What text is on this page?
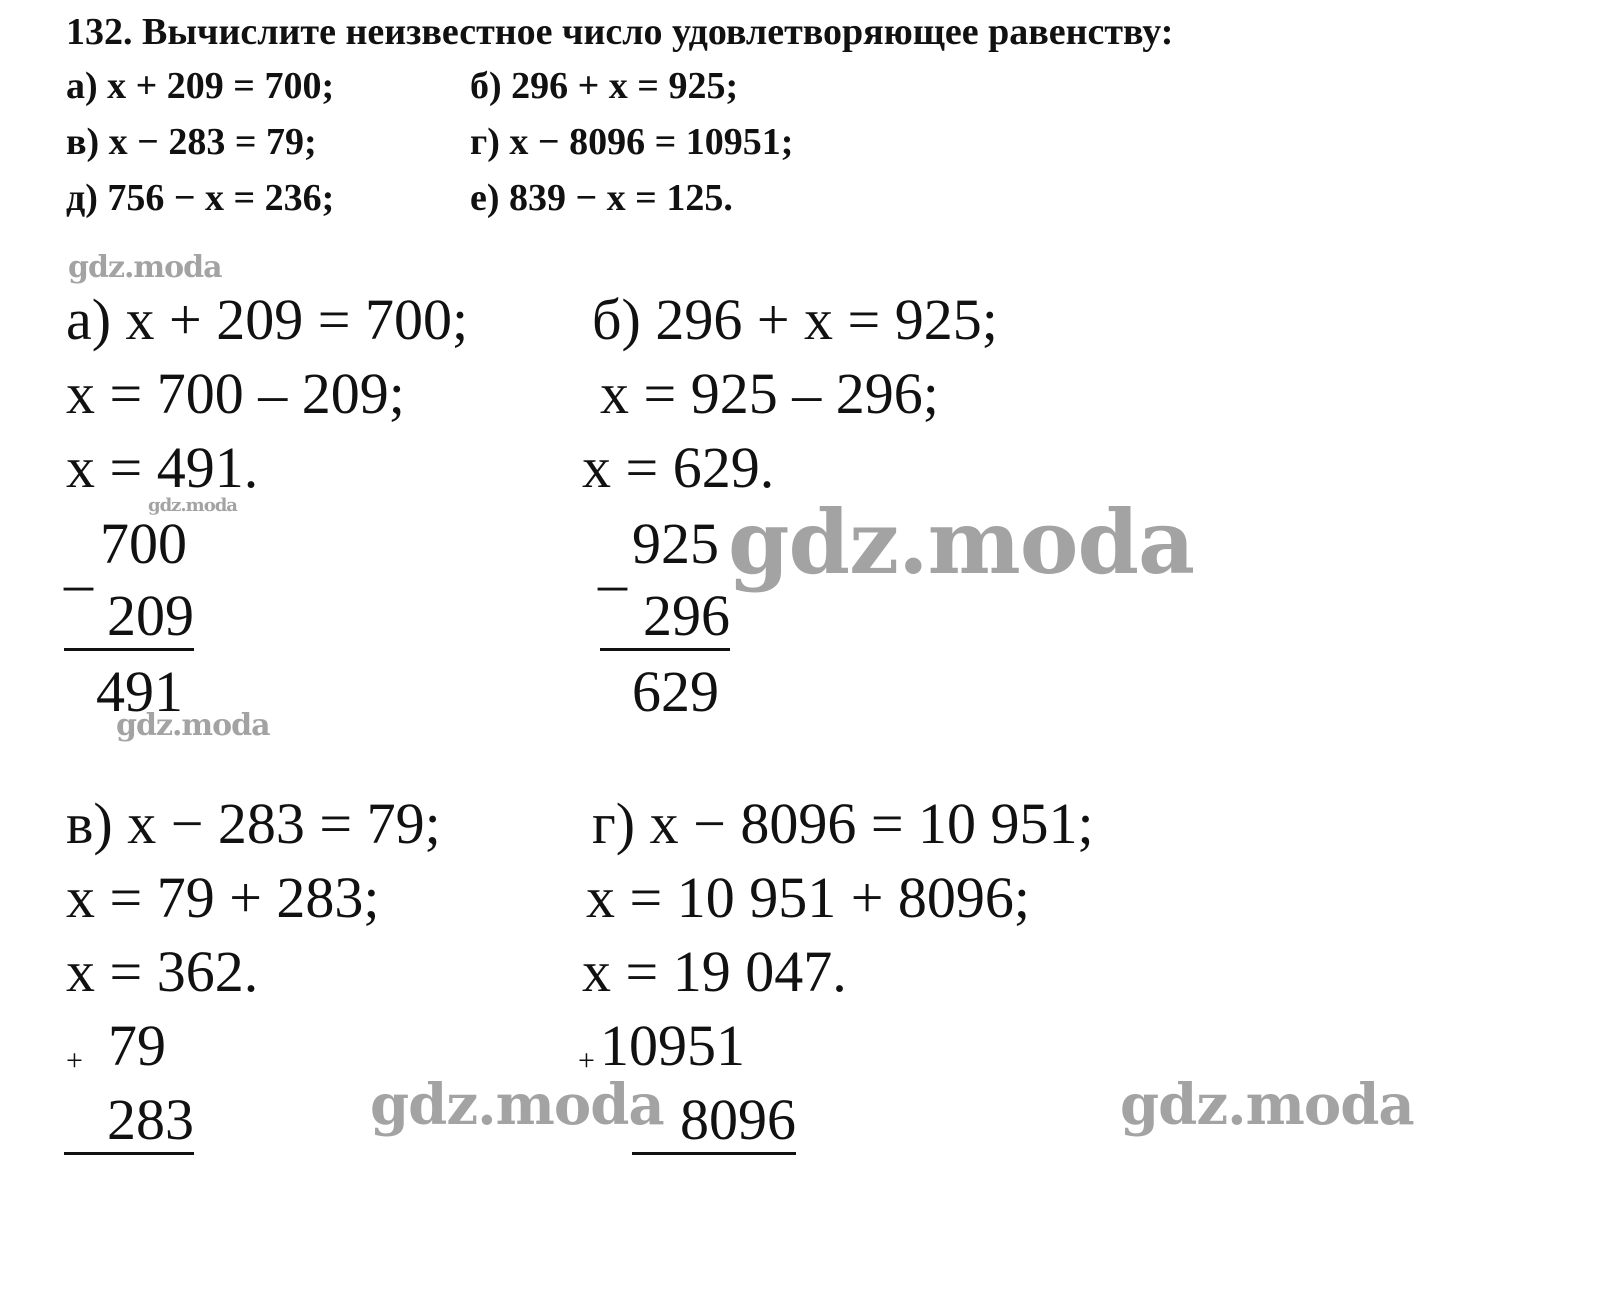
132. Вычислите неизвестное число удовлетворяющее равенству:
а) x + 209 = 700;	б) 296 + x = 925;
в) x − 283 = 79;	г) x − 8096 = 10951;
д) 756 − x = 236;	е) 839 − x = 125.
gdz.moda
gdz.moda	gdz.moda
gdz.moda
gdz.moda	gdz.moda
а) x + 209 = 700;
x = 700 – 209;
x = 491.
_ 700
209
491
б) 296 + x = 925;
x = 925 – 296;
x = 629.
_ 925
296
629
в) x − 283 = 79;
x = 79 + 283;
x = 362.
+ 79
283
г) x − 8096 = 10 951;
x = 10 951 + 8096;
x = 19 047.
+ 10951
8096
